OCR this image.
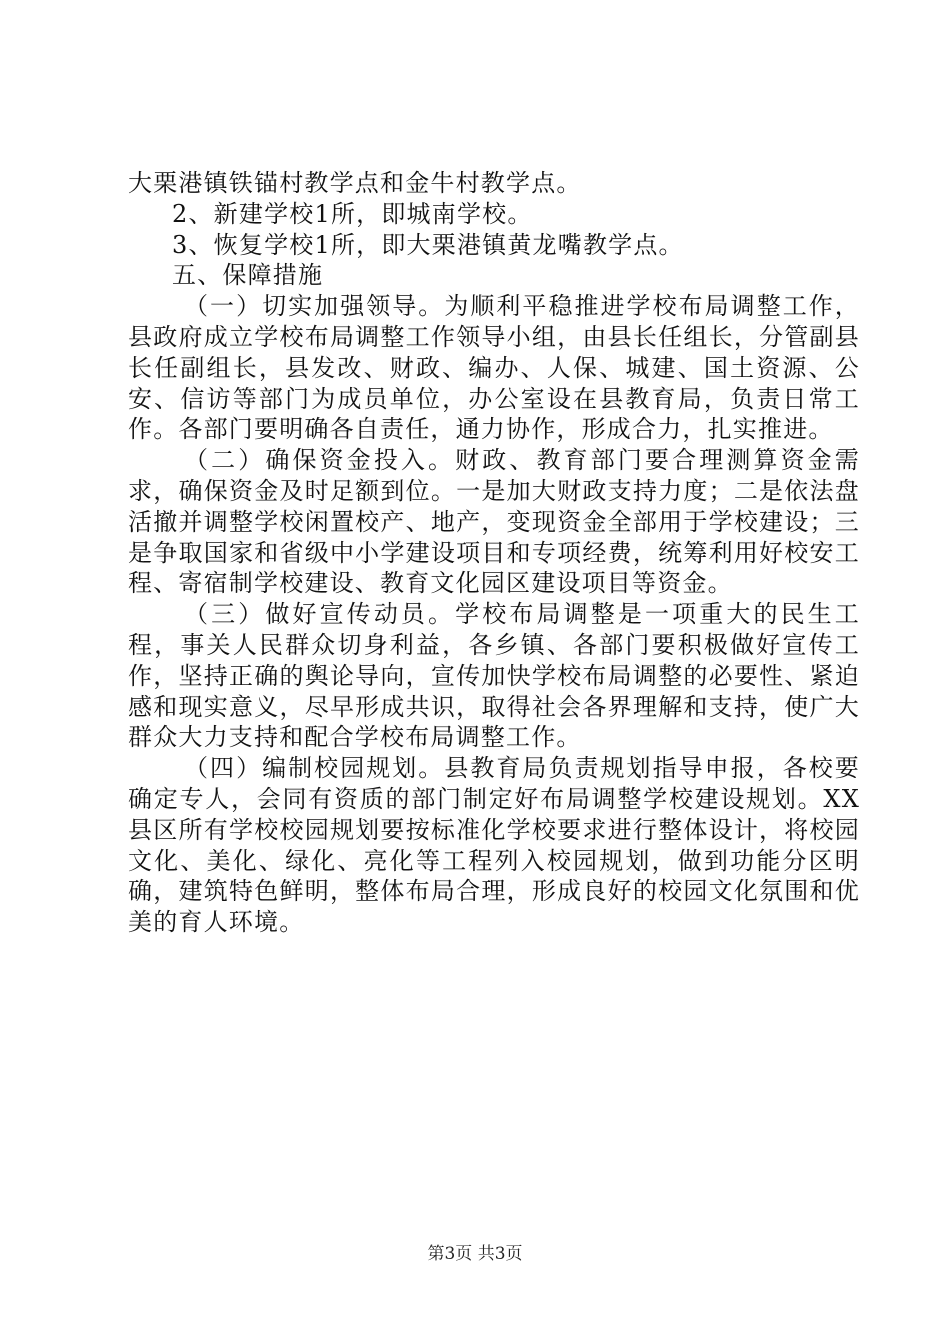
大栗港镇铁锚村教学点和金牛村教学点。

2、新建学校1所，即城南学校。

3、恢复学校1所，即大栗港镇黄龙嘴教学点。

五、保障措施

（一）切实加强领导。为顺利平稳推进学校布局调整工作，县政府成立学校布局调整工作领导小组，由县长任组长，分管副县长任副组长，县发改、财政、编办、人保、城建、国土资源、公安、信访等部门为成员单位，办公室设在县教育局，负责日常工作。各部门要明确各自责任，通力协作，形成合力，扎实推进。

（二）确保资金投入。财政、教育部门要合理测算资金需求，确保资金及时足额到位。一是加大财政支持力度；二是依法盘活撤并调整学校闲置校产、地产，变现资金全部用于学校建设；三是争取国家和省级中小学建设项目和专项经费，统筹利用好校安工程、寄宿制学校建设、教育文化园区建设项目等资金。

（三）做好宣传动员。学校布局调整是一项重大的民生工程，事关人民群众切身利益，各乡镇、各部门要积极做好宣传工作，坚持正确的舆论导向，宣传加快学校布局调整的必要性、紧迫感和现实意义，尽早形成共识，取得社会各界理解和支持，使广大群众大力支持和配合学校布局调整工作。

（四）编制校园规划。县教育局负责规划指导申报，各校要确定专人，会同有资质的部门制定好布局调整学校建设规划。XX县区所有学校校园规划要按标准化学校要求进行整体设计，将校园文化、美化、绿化、亮化等工程列入校园规划，做到功能分区明确，建筑特色鲜明，整体布局合理，形成良好的校园文化氛围和优美的育人环境。

第3页 共3页
